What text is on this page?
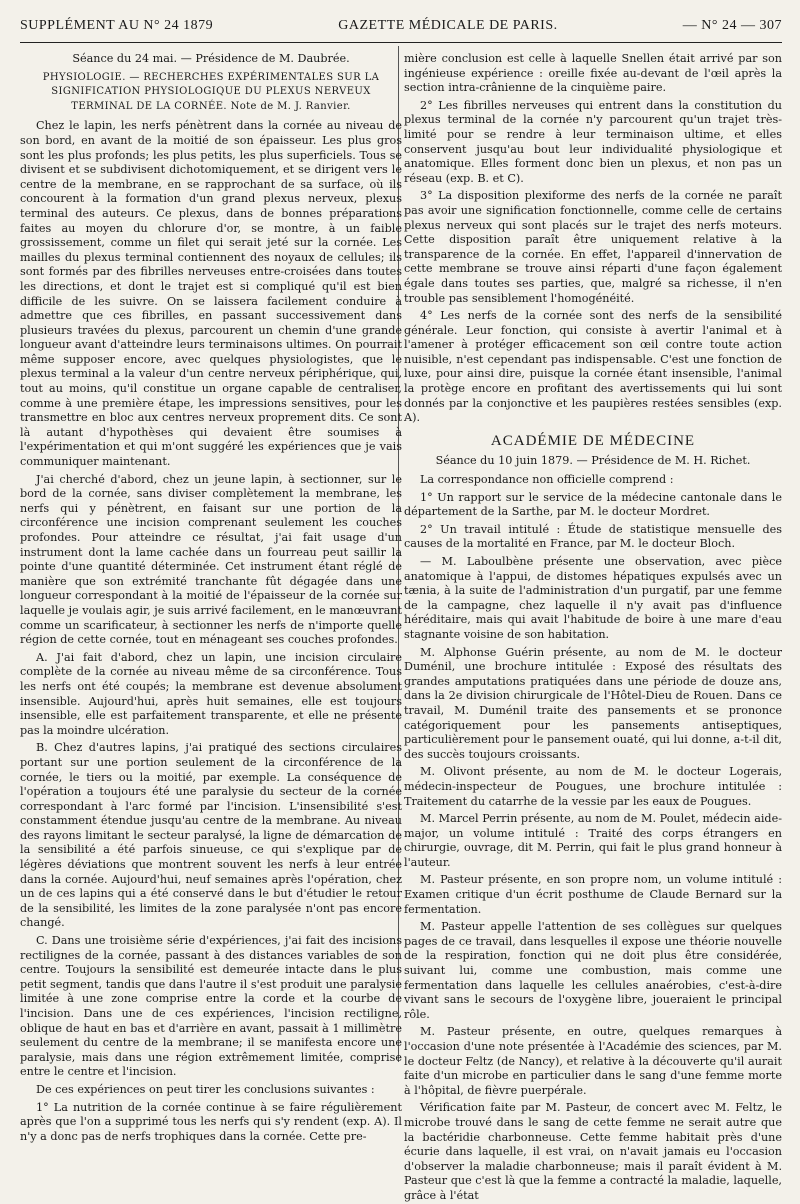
SUPPLÉMENT AU N° 24 1879	GAZETTE MÉDICALE DE PARIS.	— N° 24 — 307

Séance du 24 mai. — Présidence de M. Daubrée.

PHYSIOLOGIE. — RECHERCHES EXPÉRIMENTALES SUR LA SIGNIFICATION PHYSIOLOGIQUE DU PLEXUS NERVEUX TERMINAL DE LA CORNÉE. Note de M. J. Ranvier.

Chez le lapin, les nerfs pénètrent dans la cornée au niveau de son bord, en avant de la moitié de son épaisseur. Les plus gros sont les plus profonds; les plus petits, les plus superficiels. Tous se divisent et se subdivisent dichotomiquement, et se dirigent vers le centre de la membrane, en se rapprochant de sa surface, où ils concourent à la formation d'un grand plexus nerveux, plexus terminal des auteurs. Ce plexus, dans de bonnes préparations faites au moyen du chlorure d'or, se montre, à un faible grossissement, comme un filet qui serait jeté sur la cornée. Les mailles du plexus terminal contiennent des noyaux de cellules; ils sont formés par des fibrilles nerveuses entre-croisées dans toutes les directions, et dont le trajet est si compliqué qu'il est bien difficile de les suivre. On se laissera facilement conduire à admettre que ces fibrilles, en passant successivement dans plusieurs travées du plexus, parcourent un chemin d'une grande longueur avant d'atteindre leurs terminaisons ultimes. On pourrait même supposer encore, avec quelques physiologistes, que le plexus terminal a la valeur d'un centre nerveux périphérique, qui, tout au moins, qu'il constitue un organe capable de centraliser, comme à une première étape, les impressions sensitives, pour les transmettre en bloc aux centres nerveux proprement dits. Ce sont là autant d'hypothèses qui devaient être soumises à l'expérimentation et qui m'ont suggéré les expériences que je vais communiquer maintenant.

J'ai cherché d'abord, chez un jeune lapin, à sectionner, sur le bord de la cornée, sans diviser complètement la membrane, les nerfs qui y pénètrent, en faisant sur une portion de la circonférence une incision comprenant seulement les couches profondes. Pour atteindre ce résultat, j'ai fait usage d'un instrument dont la lame cachée dans un fourreau peut saillir la pointe d'une quantité déterminée. Cet instrument étant réglé de manière que son extrémité tranchante fût dégagée dans une longueur correspondant à la moitié de l'épaisseur de la cornée sur laquelle je voulais agir, je suis arrivé facilement, en le manœuvrant comme un scarificateur, à sectionner les nerfs de n'importe quelle région de cette cornée, tout en ménageant ses couches profondes.

A. J'ai fait d'abord, chez un lapin, une incision circulaire complète de la cornée au niveau même de sa circonférence. Tous les nerfs ont été coupés; la membrane est devenue absolument insensible. Aujourd'hui, après huit semaines, elle est toujours insensible, elle est parfaitement transparente, et elle ne présente pas la moindre ulcération.

B. Chez d'autres lapins, j'ai pratiqué des sections circulaires portant sur une portion seulement de la circonférence de la cornée, le tiers ou la moitié, par exemple. La conséquence de l'opération a toujours été une paralysie du secteur de la cornée correspondant à l'arc formé par l'incision. L'insensibilité s'est constamment étendue jusqu'au centre de la membrane. Au niveau des rayons limitant le secteur paralysé, la ligne de démarcation de la sensibilité a été parfois sinueuse, ce qui s'explique par de légères déviations que montrent souvent les nerfs à leur entrée dans la cornée. Aujourd'hui, neuf semaines après l'opération, chez un de ces lapins qui a été conservé dans le but d'étudier le retour de la sensibilité, les limites de la zone paralysée n'ont pas encore changé.

C. Dans une troisième série d'expériences, j'ai fait des incisions rectilignes de la cornée, passant à des distances variables de son centre. Toujours la sensibilité est demeurée intacte dans le plus petit segment, tandis que dans l'autre il s'est produit une paralysie limitée à une zone comprise entre la corde et la courbe de l'incision. Dans une de ces expériences, l'incision rectiligne, oblique de haut en bas et d'arrière en avant, passait à 1 millimètre seulement du centre de la membrane; il se manifesta encore une paralysie, mais dans une région extrêmement limitée, comprise entre le centre et l'incision.

De ces expériences on peut tirer les conclusions suivantes :

1° La nutrition de la cornée continue à se faire régulièrement après que l'on a supprimé tous les nerfs qui s'y rendent (exp. A). Il n'y a donc pas de nerfs trophiques dans la cornée. Cette pre-

mière conclusion est celle à laquelle Snellen était arrivé par son ingénieuse expérience : oreille fixée au-devant de l'œil après la section intra-crânienne de la cinquième paire.

2° Les fibrilles nerveuses qui entrent dans la constitution du plexus terminal de la cornée n'y parcourent qu'un trajet très-limité pour se rendre à leur terminaison ultime, et elles conservent jusqu'au bout leur individualité physiologique et anatomique. Elles forment donc bien un plexus, et non pas un réseau (exp. B. et C).

3° La disposition plexiforme des nerfs de la cornée ne paraît pas avoir une signification fonctionnelle, comme celle de certains plexus nerveux qui sont placés sur le trajet des nerfs moteurs. Cette disposition paraît être uniquement relative à la transparence de la cornée. En effet, l'appareil d'innervation de cette membrane se trouve ainsi réparti d'une façon également égale dans toutes ses parties, que, malgré sa richesse, il n'en trouble pas sensiblement l'homogénéité.

4° Les nerfs de la cornée sont des nerfs de la sensibilité générale. Leur fonction, qui consiste à avertir l'animal et à l'amener à protéger efficacement son œil contre toute action nuisible, n'est cependant pas indispensable. C'est une fonction de luxe, pour ainsi dire, puisque la cornée étant insensible, l'animal la protège encore en profitant des avertissements qui lui sont donnés par la conjonctive et les paupières restées sensibles (exp. A).

ACADÉMIE DE MÉDECINE

Séance du 10 juin 1879. — Présidence de M. H. Richet.

La correspondance non officielle comprend :

1° Un rapport sur le service de la médecine cantonale dans le département de la Sarthe, par M. le docteur Mordret.

2° Un travail intitulé : Étude de statistique mensuelle des causes de la mortalité en France, par M. le docteur Bloch.

— M. Laboulbène présente une observation, avec pièce anatomique à l'appui, de distomes hépatiques expulsés avec un tænia, à la suite de l'administration d'un purgatif, par une femme de la campagne, chez laquelle il n'y avait pas d'influence héréditaire, mais qui avait l'habitude de boire à une mare d'eau stagnante voisine de son habitation.

M. Alphonse Guérin présente, au nom de M. le docteur Duménil, une brochure intitulée : Exposé des résultats des grandes amputations pratiquées dans une période de douze ans, dans la 2e division chirurgicale de l'Hôtel-Dieu de Rouen. Dans ce travail, M. Duménil traite des pansements et se prononce catégoriquement pour les pansements antiseptiques, particulièrement pour le pansement ouaté, qui lui donne, a-t-il dit, des succès toujours croissants.

M. Olivont présente, au nom de M. le docteur Logerais, médecin-inspecteur de Pougues, une brochure intitulée : Traitement du catarrhe de la vessie par les eaux de Pougues.

M. Marcel Perrin présente, au nom de M. Poulet, médecin aide-major, un volume intitulé : Traité des corps étrangers en chirurgie, ouvrage, dit M. Perrin, qui fait le plus grand honneur à l'auteur.

M. Pasteur présente, en son propre nom, un volume intitulé : Examen critique d'un écrit posthume de Claude Bernard sur la fermentation.

M. Pasteur appelle l'attention de ses collègues sur quelques pages de ce travail, dans lesquelles il expose une théorie nouvelle de la respiration, fonction qui ne doit plus être considérée, suivant lui, comme une combustion, mais comme une fermentation dans laquelle les cellules anaérobies, c'est-à-dire vivant sans le secours de l'oxygène libre, joueraient le principal rôle.

M. Pasteur présente, en outre, quelques remarques à l'occasion d'une note présentée à l'Académie des sciences, par M. le docteur Feltz (de Nancy), et relative à la découverte qu'il aurait faite d'un microbe en particulier dans le sang d'une femme morte à l'hôpital, de fièvre puerpérale.

Vérification faite par M. Pasteur, de concert avec M. Feltz, le microbe trouvé dans le sang de cette femme ne serait autre que la bactéridie charbonneuse. Cette femme habitait près d'une écurie dans laquelle, il est vrai, on n'avait jamais eu l'occasion d'observer la maladie charbonneuse; mais il paraît évident à M. Pasteur que c'est là que la femme a contracté la maladie, laquelle, grâce à l'état
